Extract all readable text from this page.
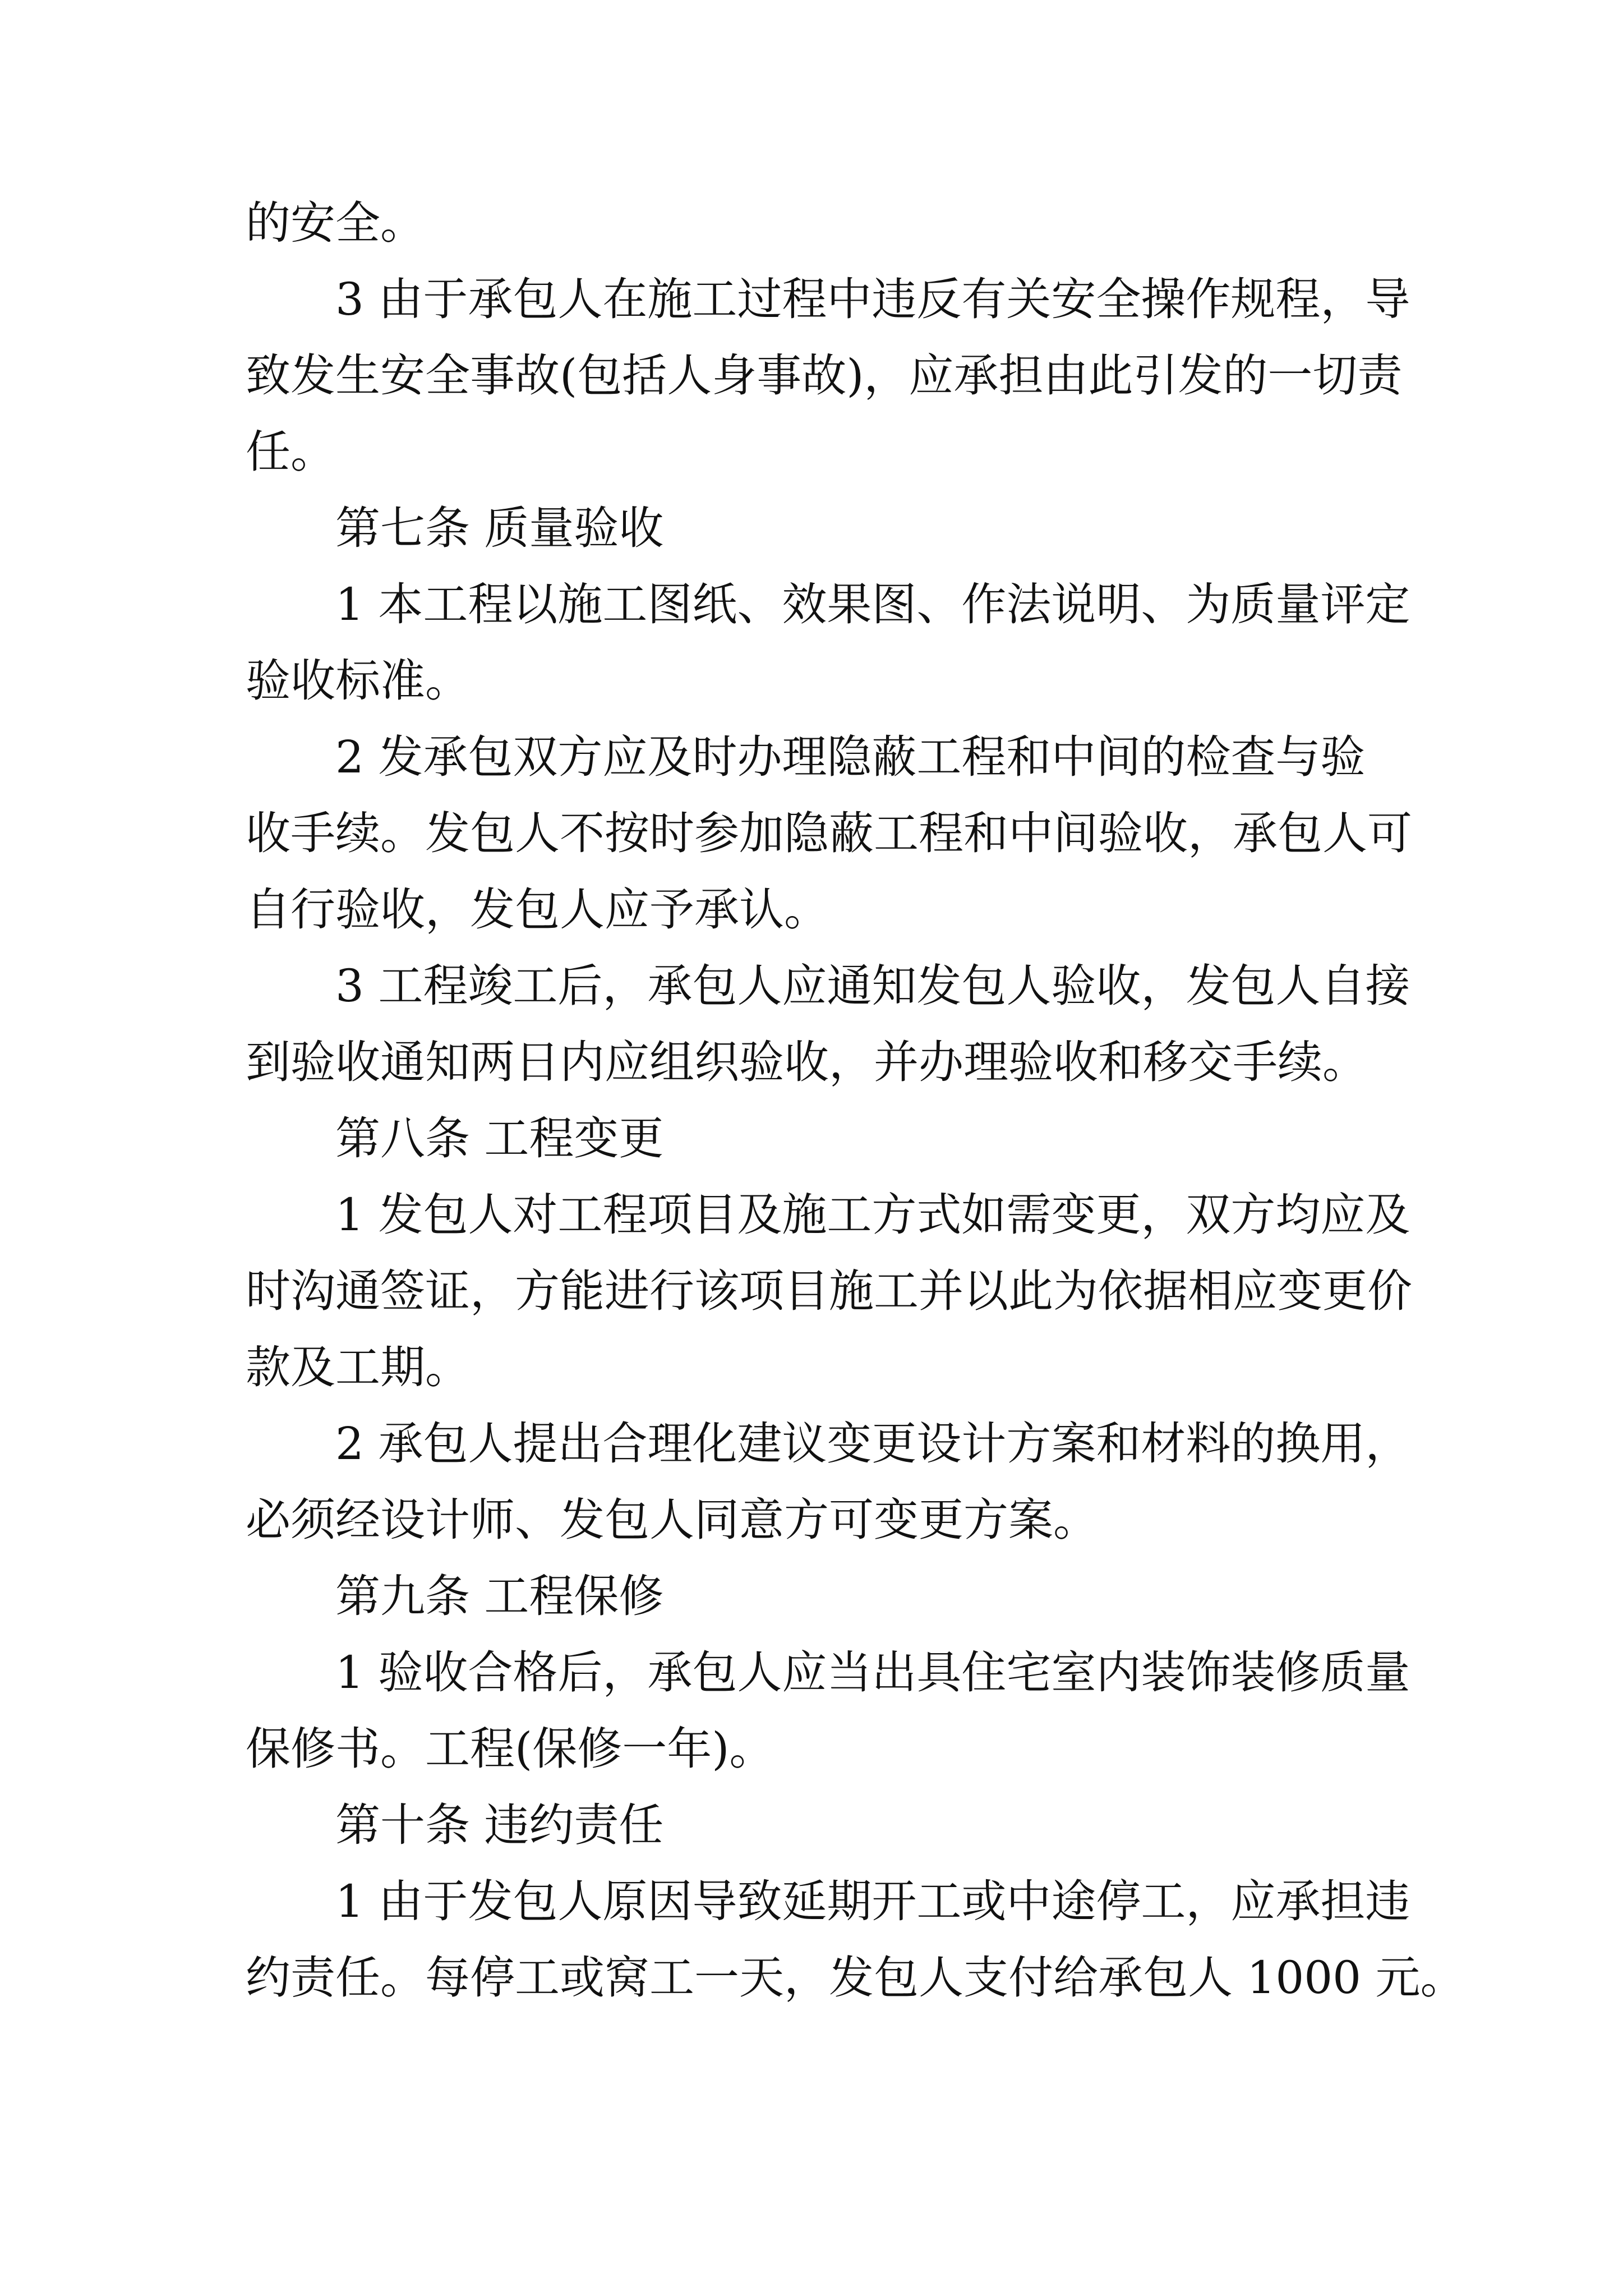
的安全。
3 由于承包人在施工过程中违反有关安全操作规程，导
致发生安全事故(包括人身事故)，应承担由此引发的一切责
任。
第七条 质量验收
1 本工程以施工图纸、效果图、作法说明、为质量评定
验收标准。
2 发承包双方应及时办理隐蔽工程和中间的检查与验
收手续。发包人不按时参加隐蔽工程和中间验收，承包人可
自行验收，发包人应予承认。
3 工程竣工后，承包人应通知发包人验收，发包人自接
到验收通知两日内应组织验收，并办理验收和移交手续。
第八条 工程变更
1 发包人对工程项目及施工方式如需变更，双方均应及
时沟通签证，方能进行该项目施工并以此为依据相应变更价
款及工期。
2 承包人提出合理化建议变更设计方案和材料的换用，
必须经设计师、发包人同意方可变更方案。
第九条 工程保修
1 验收合格后，承包人应当出具住宅室内装饰装修质量
保修书。工程(保修一年)。
第十条 违约责任
1 由于发包人原因导致延期开工或中途停工，应承担违
约责任。每停工或窝工一天，发包人支付给承包人 1000 元。
